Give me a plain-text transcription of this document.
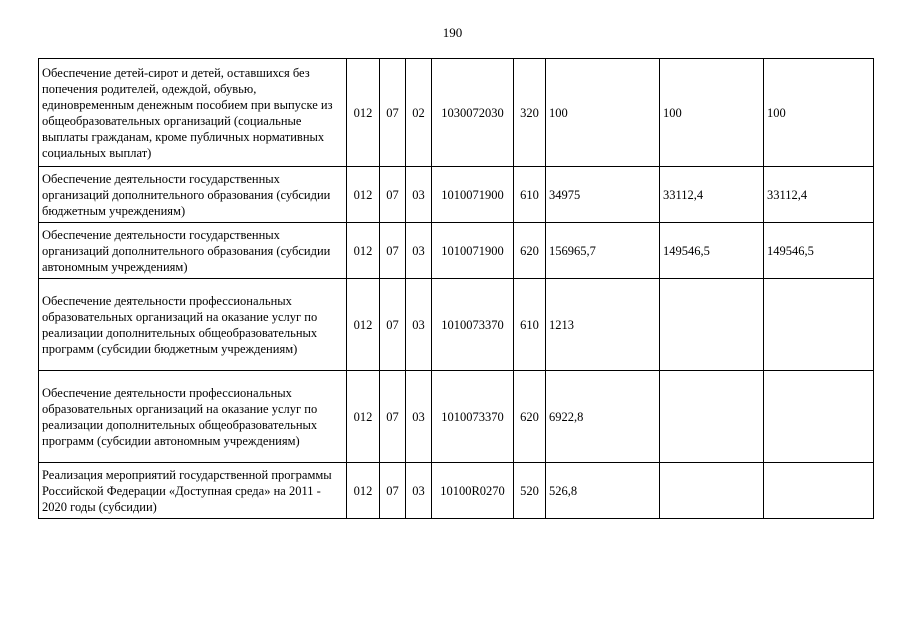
190
Обеспечение детей-сирот и детей, оставшихся без попечения родителей, одеждой, обувью, единовременным денежным пособием при выпуске из общеобразовательных организаций (социальные выплаты гражданам, кроме публичных нормативных социальных выплат)	012	07	02	1030072030	320	100	100	100
Обеспечение деятельности государственных организаций дополнительного образования (субсидии бюджетным учреждениям)	012	07	03	1010071900	610	34975	33112,4	33112,4
Обеспечение деятельности государственных организаций дополнительного образования (субсидии автономным учреждениям)	012	07	03	1010071900	620	156965,7	149546,5	149546,5
Обеспечение деятельности профессиональных образовательных организаций на оказание услуг по реализации дополнительных общеобразовательных программ (субсидии бюджетным учреждениям)	012	07	03	1010073370	610	1213		
Обеспечение деятельности профессиональных образовательных организаций на оказание услуг по реализации дополнительных общеобразовательных программ (субсидии автономным учреждениям)	012	07	03	1010073370	620	6922,8		
Реализация мероприятий государственной программы Российской Федерации «Доступная среда» на 2011 - 2020 годы (субсидии)	012	07	03	10100R0270	520	526,8		
